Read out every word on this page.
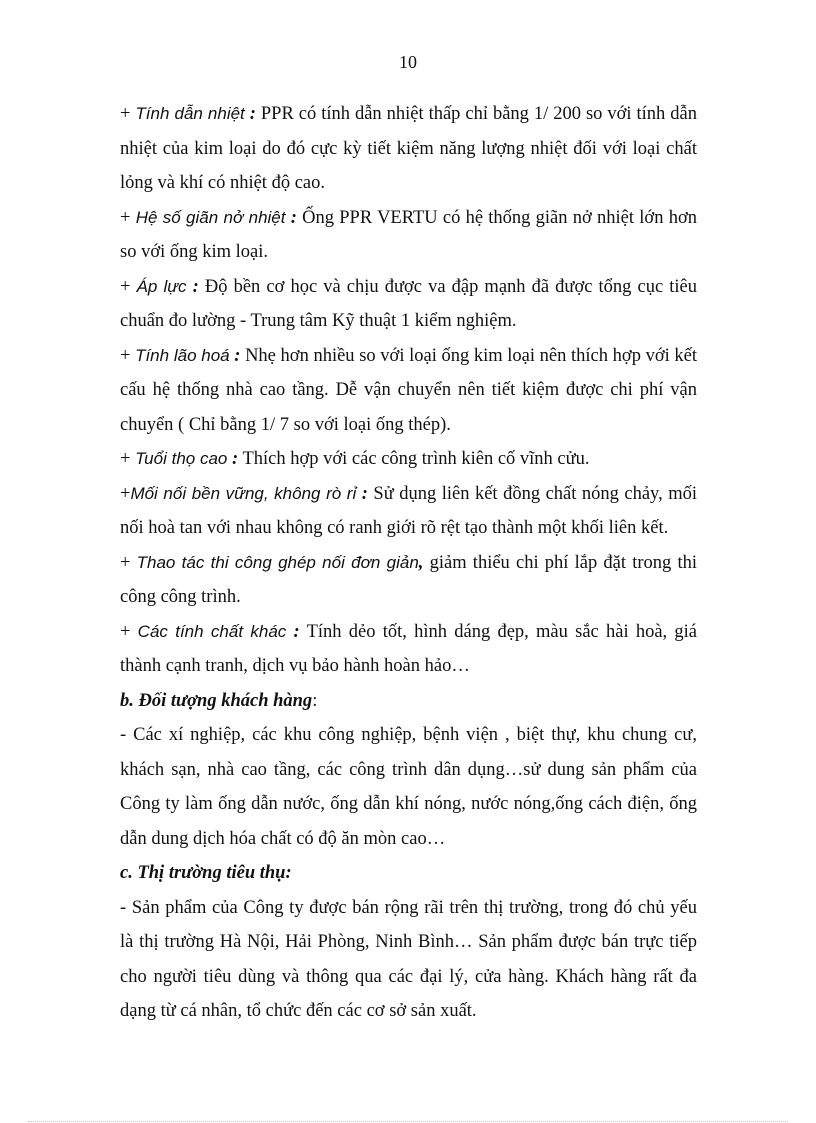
10

+ Tính dẫn nhiệt : PPR có tính dẫn nhiệt thấp chỉ bằng 1/ 200 so với tính dẫn nhiệt của kim loại do đó cực kỳ tiết kiệm năng lượng nhiệt đối với loại chất lỏng và khí có nhiệt độ cao.

+ Hệ số giãn nở nhiệt : Ống PPR VERTU có hệ thống giãn nở nhiệt lớn hơn so với ống kim loại.

+ Áp lực : Độ bền cơ học và chịu được va đập mạnh đã được tổng cục tiêu chuẩn đo lường - Trung tâm Kỹ thuật 1 kiểm nghiệm.

+ Tính lão hoá : Nhẹ hơn nhiều so với loại ống kim loại nên thích hợp với kết cấu hệ thống nhà cao tầng. Dễ vận chuyển nên tiết kiệm được chi phí vận chuyển ( Chỉ bằng 1/ 7 so với loại ống thép).

+ Tuổi thọ cao : Thích hợp với các công trình kiên cố vĩnh cửu.

+Mối nối bền vững, không rò rỉ : Sử dụng liên kết đồng chất nóng chảy, mối nối hoà tan với nhau không có ranh giới rõ rệt tạo thành một khối liên kết.

+ Thao tác thi công ghép nối đơn giản, giảm thiểu chi phí lắp đặt trong thi công công trình.

+ Các tính chất khác : Tính dẻo tốt, hình dáng đẹp, màu sắc hài hoà, giá thành cạnh tranh, dịch vụ bảo hành hoàn hảo…

b. Đối tượng khách hàng:

- Các xí nghiệp, các khu công nghiệp, bệnh viện , biệt thự, khu chung cư, khách sạn, nhà cao tầng, các công trình dân dụng…sử dung sản phẩm của Công ty làm ống dẫn nước, ống dẫn khí nóng, nước nóng,ống cách điện, ống dẫn dung dịch hóa chất có độ ăn mòn cao…

c. Thị trường tiêu thụ:

- Sản phẩm của Công ty được bán rộng rãi trên thị trường, trong đó chủ yếu là thị trường Hà Nội, Hải Phòng, Ninh Bình… Sản phẩm được bán trực tiếp cho người tiêu dùng và thông qua các đại lý, cửa hàng. Khách hàng rất đa dạng từ cá nhân, tổ chức đến các cơ sở sản xuất.
